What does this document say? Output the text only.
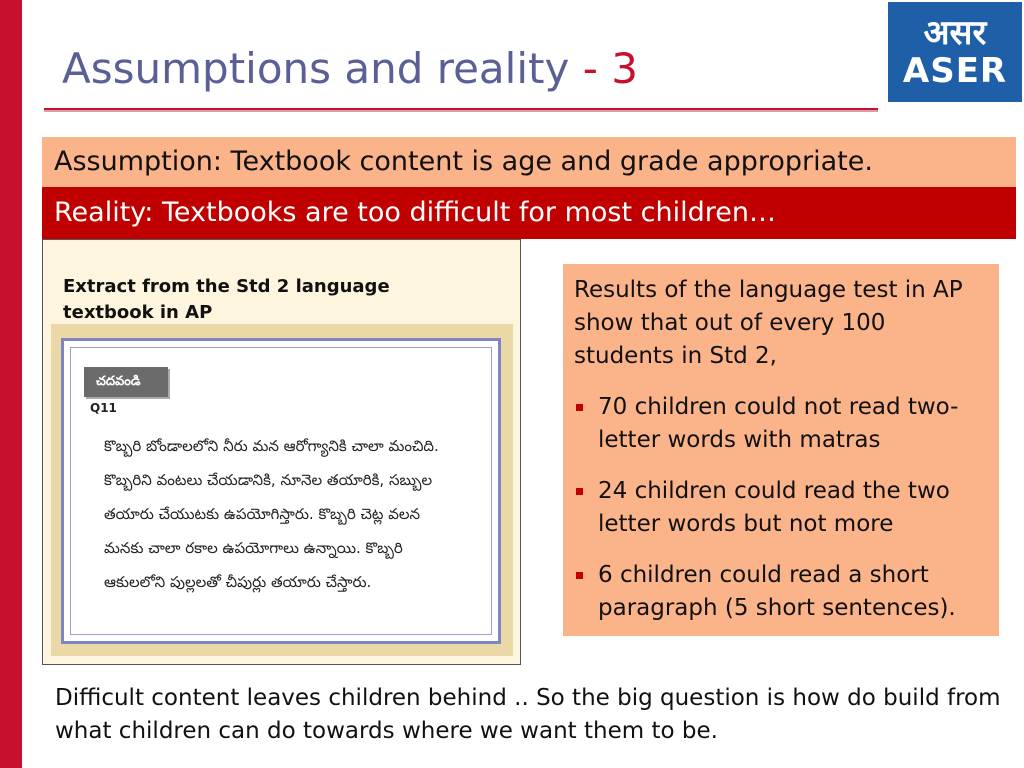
Assumptions and reality - 3
असर
ASER
Assumption: Textbook content is age and grade appropriate.
Reality: Textbooks are too difficult for most children…
Extract from the Std 2 language textbook in AP
చదవండి
Q11
కొబ్బరి బోండాలలోని నీరు మన ఆరోగ్యానికి చాలా మంచిది.
కొబ్బరిని వంటలు చేయడానికి, నూనెల తయారికి, సబ్బుల
తయారు చేయుటకు ఉపయోగిస్తారు. కొబ్బరి చెట్ల వలన
మనకు చాలా రకాల ఉపయోగాలు ఉన్నాయి. కొబ్బరి
ఆకులలోని పుల్లలతో చీపుర్లు తయారు చేస్తారు.
Results of the language test in AP show that out of every 100 students in Std 2,
70 children could not read two-letter words with matras
24 children could read the two letter words but not more
6 children could read a short paragraph (5 short sentences).
Difficult content leaves children behind .. So the big question is how do build from what children can do towards where we want them to be.
